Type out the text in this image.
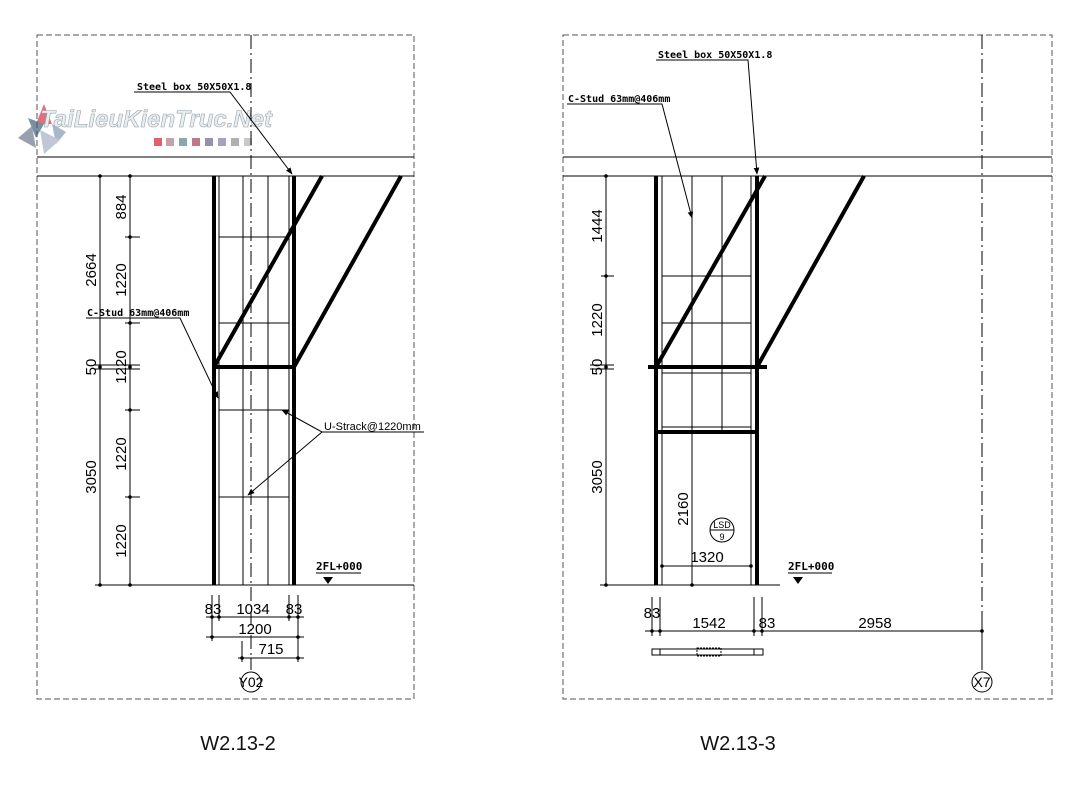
TaiLieuKienTruc.Net
884
1220
1220
1220
1220
2664
50
3050
83 1034 83
1200
715
2FL+000
Y02
Steel box 50X50X1.8
C-Stud 63mm@406mm
U-Strack@1220mm
W2.13-2
1444
1220
50
3050
2160
1320
LSD
9
83
1542 83	2958
2FL+000
X7
Steel box 50X50X1.8
C-Stud 63mm@406mm
W2.13-3
